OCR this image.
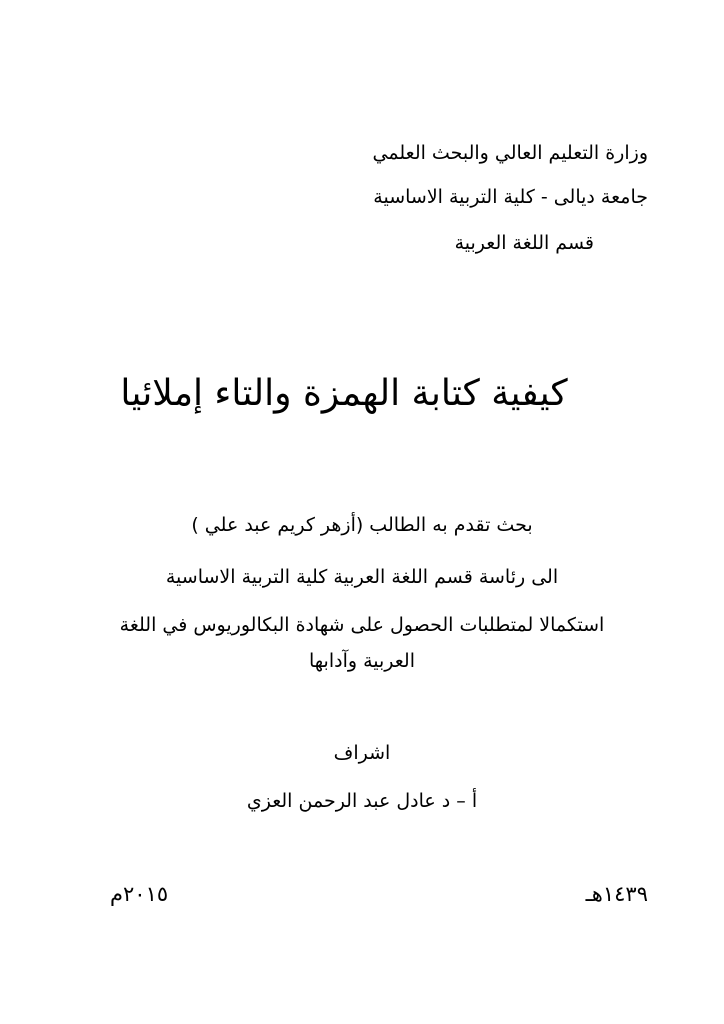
وزارة التعليم العالي والبحث العلمي
جامعة ديالى - كلية التربية الاساسية
قسم اللغة العربية
كيفية كتابة الهمزة والتاء إملائيا
بحث تقدم به الطالب (أزهر كريم عبد علي )
الى رئاسة قسم اللغة العربية كلية التربية الاساسية
استكمالا لمتطلبات الحصول على شهادة البكالوريوس في اللغة
العربية وآدابها
اشراف
أ – د عادل عبد الرحمن العزي
١٤٣٩هـ
٢٠١٥م
